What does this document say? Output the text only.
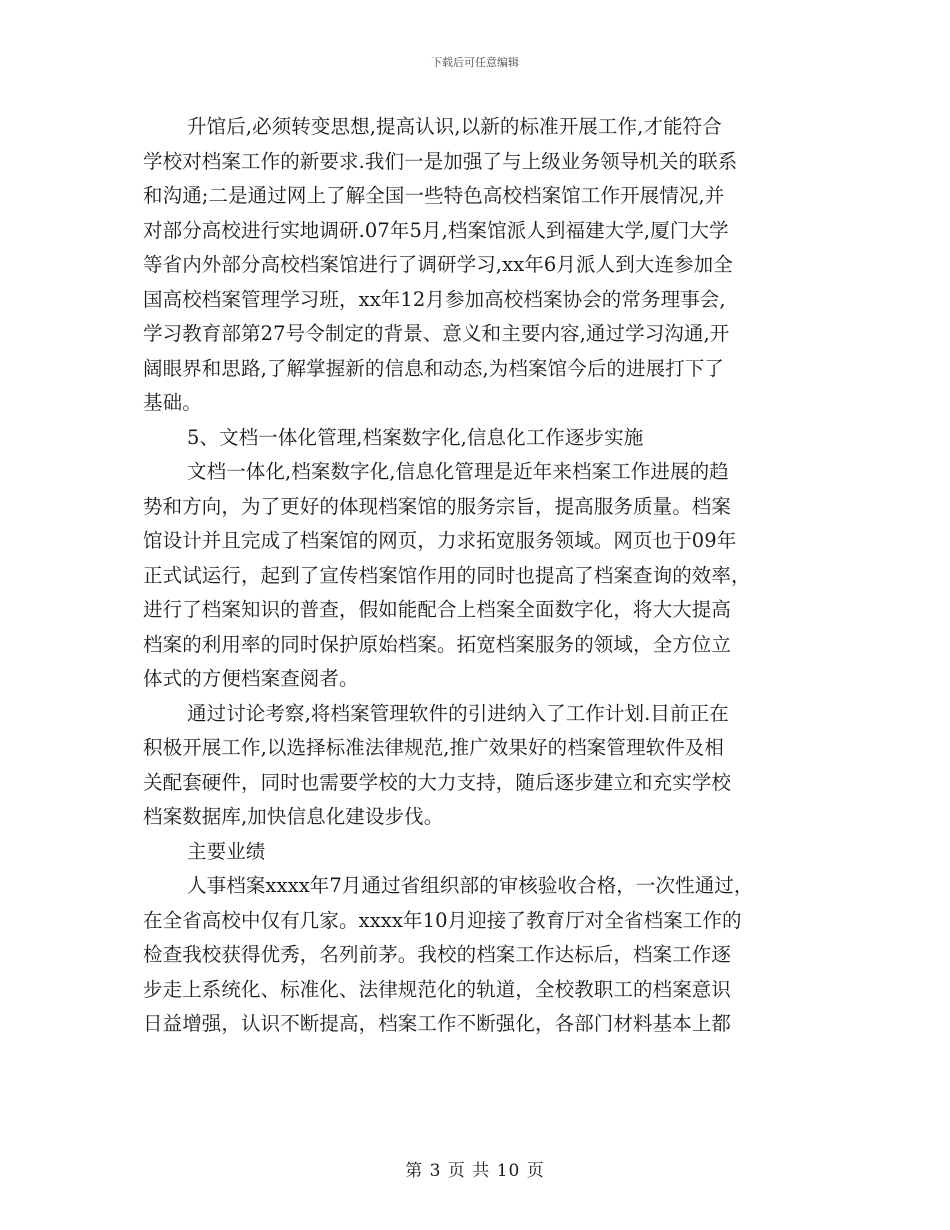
下载后可任意编辑
升馆后,必须转变思想,提高认识,以新的标准开展工作,才能符合
学校对档案工作的新要求.我们一是加强了与上级业务领导机关的联系
和沟通;二是通过网上了解全国一些特色高校档案馆工作开展情况,并
对部分高校进行实地调研.07年5月,档案馆派人到福建大学,厦门大学
等省内外部分高校档案馆进行了调研学习,xx年6月派人到大连参加全
国高校档案管理学习班，xx年12月参加高校档案协会的常务理事会,
学习教育部第27号令制定的背景、意义和主要内容,通过学习沟通,开
阔眼界和思路,了解掌握新的信息和动态,为档案馆今后的进展打下了
基础。
5、文档一体化管理,档案数字化,信息化工作逐步实施
文档一体化,档案数字化,信息化管理是近年来档案工作进展的趋
势和方向，为了更好的体现档案馆的服务宗旨，提高服务质量。档案
馆设计并且完成了档案馆的网页，力求拓宽服务领域。网页也于09年
正式试运行，起到了宣传档案馆作用的同时也提高了档案查询的效率，
进行了档案知识的普查，假如能配合上档案全面数字化，将大大提高
档案的利用率的同时保护原始档案。拓宽档案服务的领域，全方位立
体式的方便档案查阅者。
通过讨论考察,将档案管理软件的引进纳入了工作计划.目前正在
积极开展工作,以选择标准法律规范,推广效果好的档案管理软件及相
关配套硬件，同时也需要学校的大力支持，随后逐步建立和充实学校
档案数据库,加快信息化建设步伐。
主要业绩
人事档案xxxx年7月通过省组织部的审核验收合格，一次性通过，
在全省高校中仅有几家。xxxx年10月迎接了教育厅对全省档案工作的
检查我校获得优秀，名列前茅。我校的档案工作达标后，档案工作逐
步走上系统化、标准化、法律规范化的轨道，全校教职工的档案意识
日益增强，认识不断提高，档案工作不断强化，各部门材料基本上都
第 3 页 共 10 页
